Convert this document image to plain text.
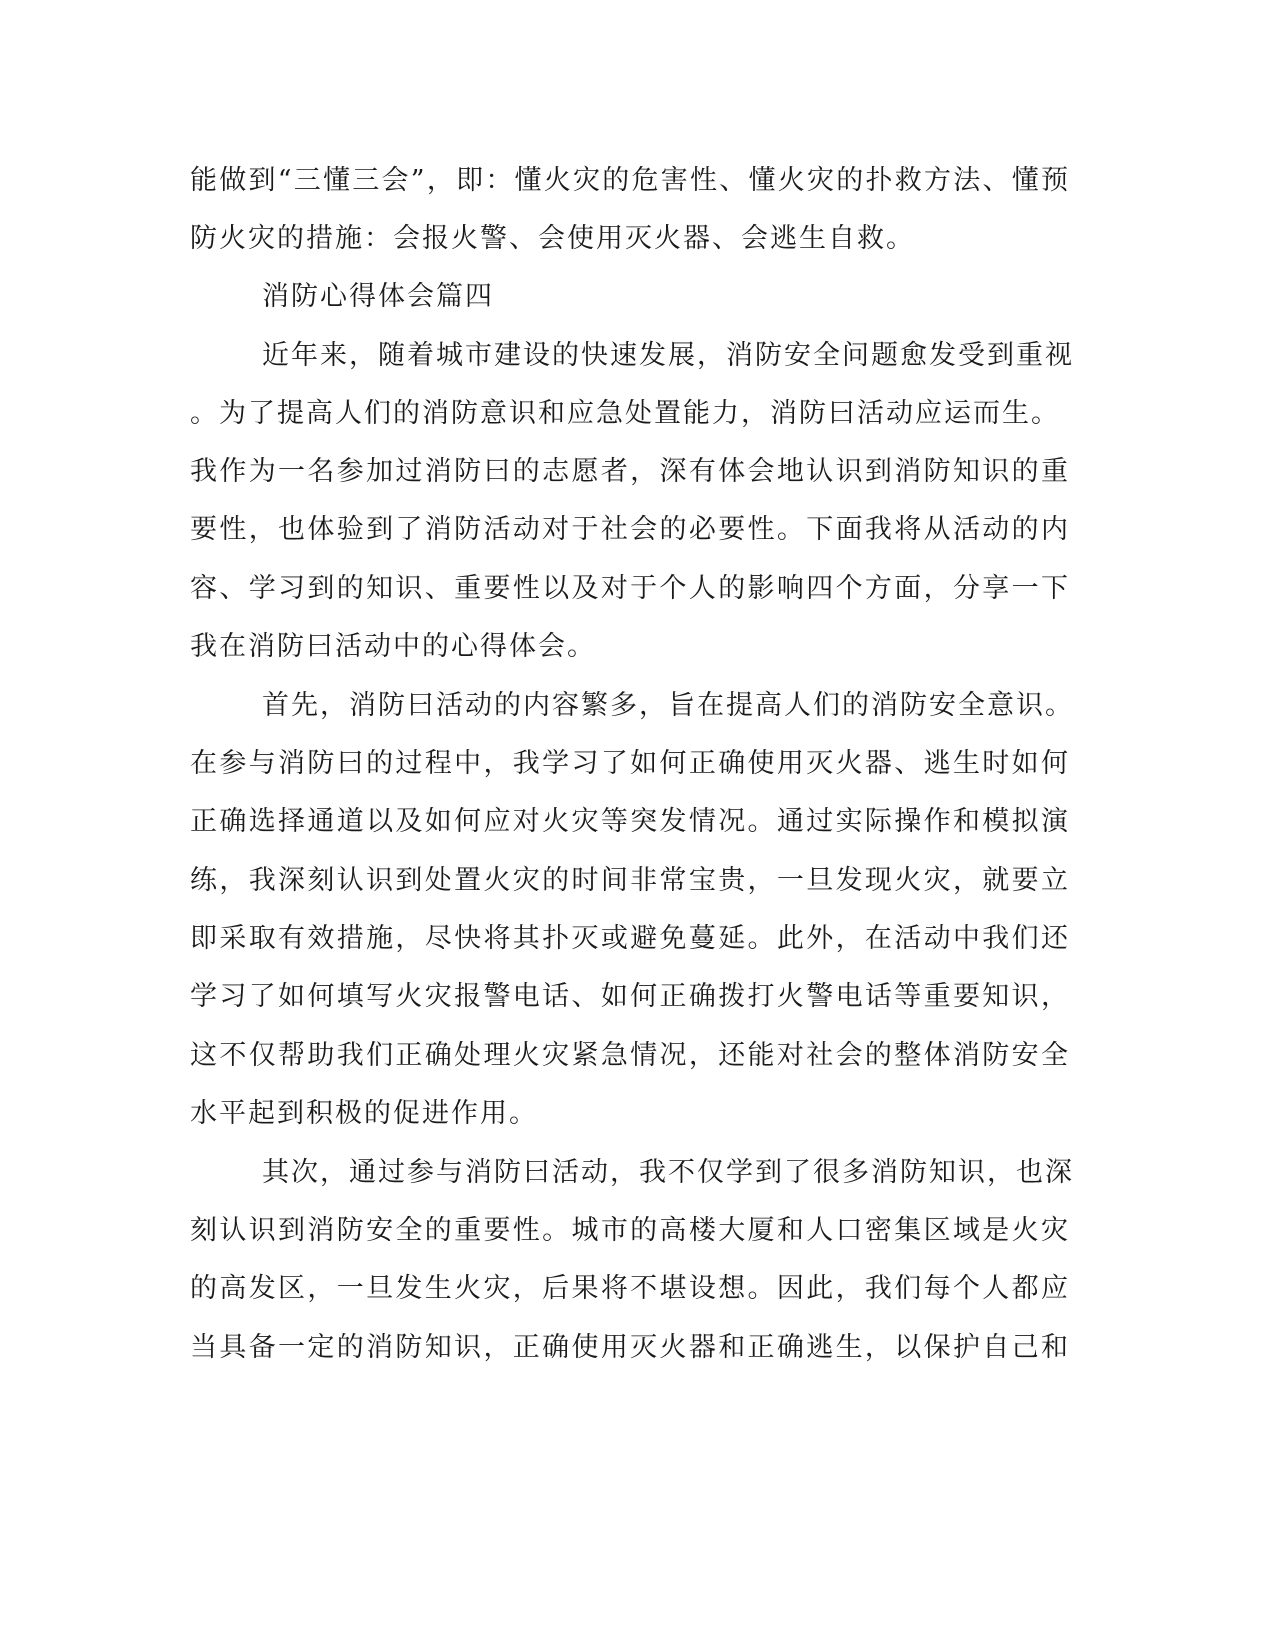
能做到“三懂三会”，即：懂火灾的危害性、懂火灾的扑救方法、懂预
防火灾的措施：会报火警、会使用灭火器、会逃生自救。
消防心得体会篇四
近年来，随着城市建设的快速发展，消防安全问题愈发受到重视
。为了提高人们的消防意识和应急处置能力，消防曰活动应运而生。
我作为一名参加过消防曰的志愿者，深有体会地认识到消防知识的重
要性，也体验到了消防活动对于社会的必要性。下面我将从活动的内
容、学习到的知识、重要性以及对于个人的影响四个方面，分享一下
我在消防曰活动中的心得体会。
首先，消防曰活动的内容繁多，旨在提高人们的消防安全意识。
在参与消防曰的过程中，我学习了如何正确使用灭火器、逃生时如何
正确选择通道以及如何应对火灾等突发情况。通过实际操作和模拟演
练，我深刻认识到处置火灾的时间非常宝贵，一旦发现火灾，就要立
即采取有效措施，尽快将其扑灭或避免蔓延。此外，在活动中我们还
学习了如何填写火灾报警电话、如何正确拨打火警电话等重要知识，
这不仅帮助我们正确处理火灾紧急情况，还能对社会的整体消防安全
水平起到积极的促进作用。
其次，通过参与消防曰活动，我不仅学到了很多消防知识，也深
刻认识到消防安全的重要性。城市的高楼大厦和人口密集区域是火灾
的高发区，一旦发生火灾，后果将不堪设想。因此，我们每个人都应
当具备一定的消防知识，正确使用灭火器和正确逃生，以保护自己和
